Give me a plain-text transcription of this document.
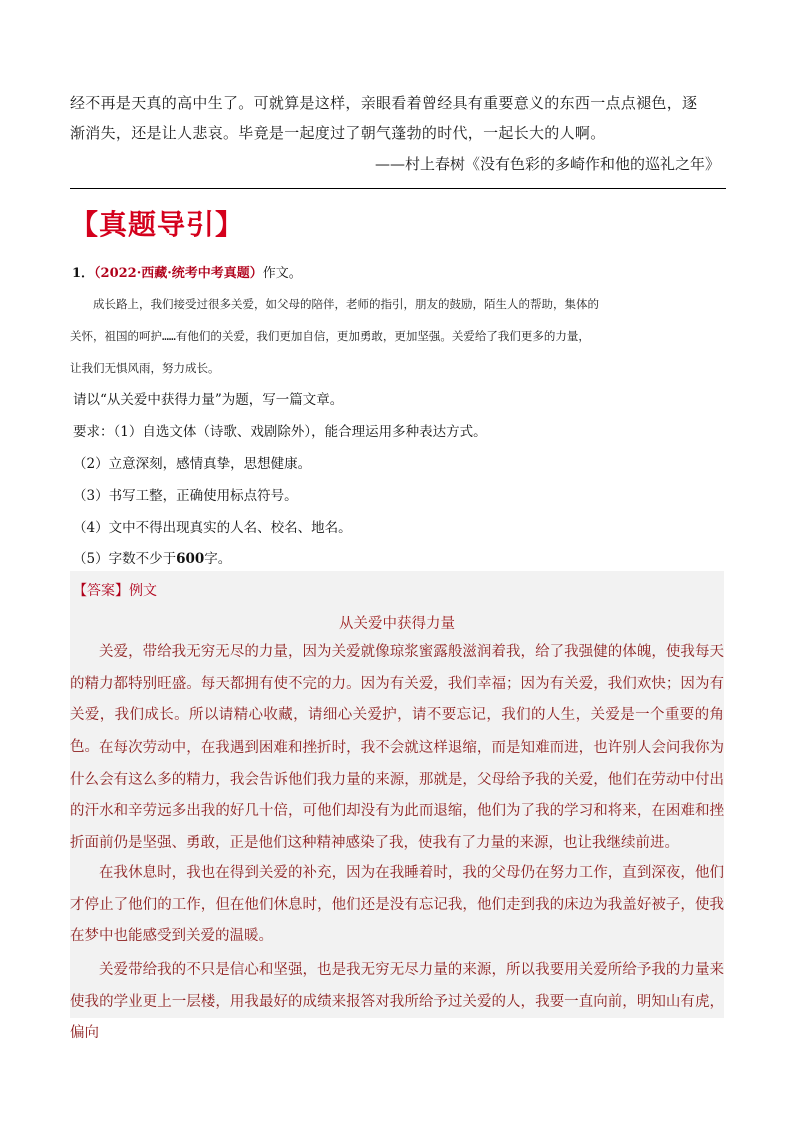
经不再是天真的高中生了。可就算是这样，亲眼看着曾经具有重要意义的东西一点点褪色，逐
渐消失，还是让人悲哀。毕竟是一起度过了朝气蓬勃的时代，一起长大的人啊。
——村上春树《没有色彩的多崎作和他的巡礼之年》
【真题导引】
1．（2022·西藏·统考中考真题）作文。
成长路上，我们接受过很多关爱，如父母的陪伴，老师的指引，朋友的鼓励，陌生人的帮助，集体的
关怀，祖国的呵护……有他们的关爱，我们更加自信，更加勇敢，更加坚强。关爱给了我们更多的力量，
让我们无惧风雨，努力成长。
请以“从关爱中获得力量”为题，写一篇文章。
要求：（1）自选文体（诗歌、戏剧除外），能合理运用多种表达方式。
（2）立意深刻，感情真挚，思想健康。
（3）书写工整，正确使用标点符号。
（4）文中不得出现真实的人名、校名、地名。
（5）字数不少于600字。
【答案】例文
从关爱中获得力量

关爱，带给我无穷无尽的力量，因为关爱就像琼浆蜜露般滋润着我，给了我强健的体魄，使我每天的精力都特别旺盛。每天都拥有使不完的力。因为有关爱，我们幸福；因为有关爱，我们欢快；因为有关爱，我们成长。所以请精心收藏，请细心关爱护，请不要忘记，我们的人生，关爱是一个重要的角色。 在每次劳动中，在我遇到困难和挫折时，我不会就这样退缩，而是知难而进，也许别人会问我你为什么会有这么多的精力，我会告诉他们我力量的来源，那就是，父母给予我的关爱，他们在劳动中付出的汗水和辛劳远多出我的好几十倍，可他们却没有为此而退缩，他们为了我的学习和将来，在困难和挫折面前仍是坚强、勇敢，正是他们这种精神感染了我，使我有了力量的来源，也让我继续前进。

在我休息时，我也在得到关爱的补充，因为在我睡着时，我的父母仍在努力工作，直到深夜，他们才停止了他们的工作，但在他们休息时，他们还是没有忘记我，他们走到我的床边为我盖好被子，使我在梦中也能感受到关爱的温暖。

关爱带给我的不只是信心和坚强，也是我无穷无尽力量的来源，所以我要用关爱所给予我的力量来使我的学业更上一层楼，用我最好的成绩来报答对我所给予过关爱的人，我要一直向前，明知山有虎，偏向
